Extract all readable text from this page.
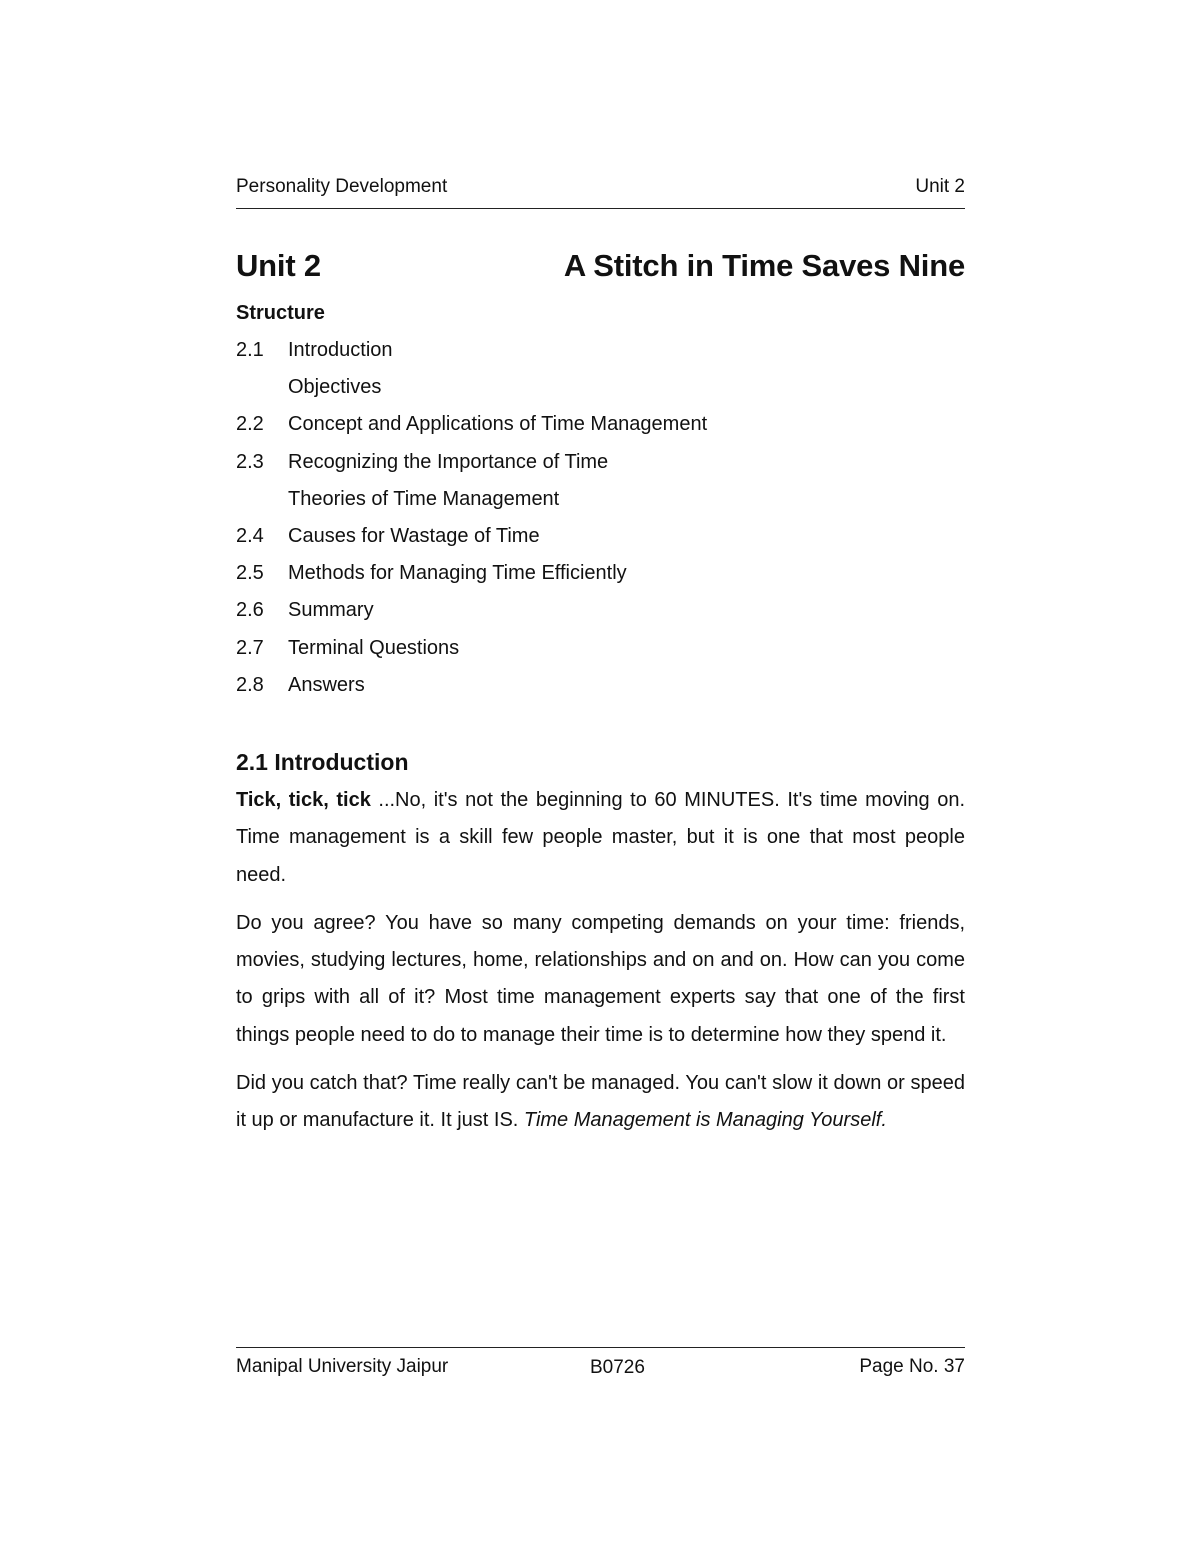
Personality Development	Unit 2
Unit 2	A Stitch in Time Saves Nine
Structure
2.1	Introduction
Objectives
2.2	Concept and Applications of Time Management
2.3	Recognizing the Importance of Time
Theories of Time Management
2.4	Causes for Wastage of Time
2.5	Methods for Managing Time Efficiently
2.6	Summary
2.7	Terminal Questions
2.8	Answers
2.1 Introduction

Tick, tick, tick ...No, it's not the beginning to 60 MINUTES. It's time moving on. Time management is a skill few people master, but it is one that most people need.

Do you agree? You have so many competing demands on your time: friends, movies, studying lectures, home, relationships and on and on. How can you come to grips with all of it? Most time management experts say that one of the first things people need to do to manage their time is to determine how they spend it.

Did you catch that? Time really can't be managed. You can't slow it down or speed it up or manufacture it. It just IS. Time Management is Managing Yourself.

Manipal University Jaipur	B0726	Page No. 37
